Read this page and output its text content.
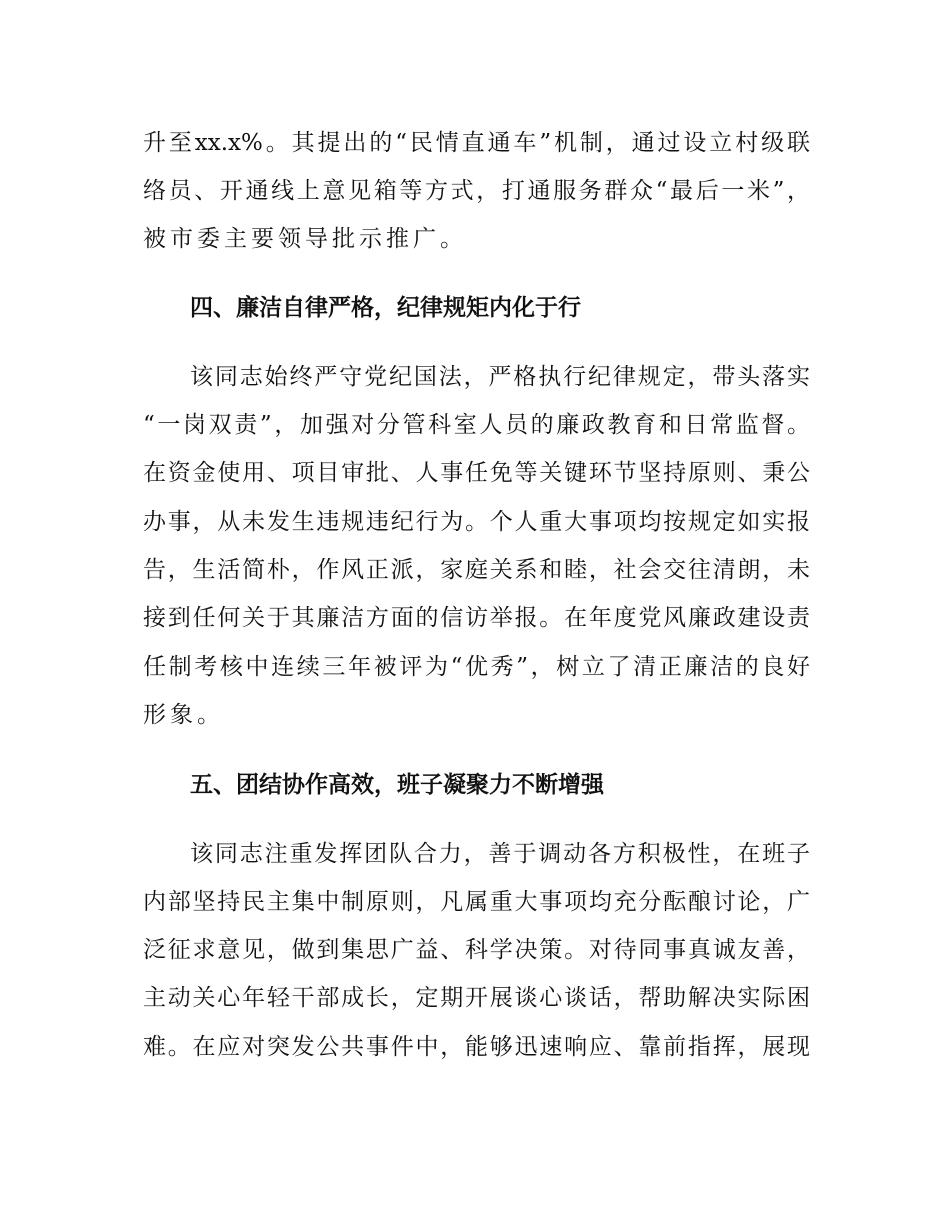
升至xx.x%。其提出的“民情直通车”机制，通过设立村级联
络员、开通线上意见箱等方式，打通服务群众“最后一米”，
被市委主要领导批示推广。
四、廉洁自律严格，纪律规矩内化于行
该同志始终严守党纪国法，严格执行纪律规定，带头落实
“一岗双责”，加强对分管科室人员的廉政教育和日常监督。
在资金使用、项目审批、人事任免等关键环节坚持原则、秉公
办事，从未发生违规违纪行为。个人重大事项均按规定如实报
告，生活简朴，作风正派，家庭关系和睦，社会交往清朗，未
接到任何关于其廉洁方面的信访举报。在年度党风廉政建设责
任制考核中连续三年被评为“优秀”，树立了清正廉洁的良好
形象。
五、团结协作高效，班子凝聚力不断增强
该同志注重发挥团队合力，善于调动各方积极性，在班子
内部坚持民主集中制原则，凡属重大事项均充分酝酿讨论，广
泛征求意见，做到集思广益、科学决策。对待同事真诚友善，
主动关心年轻干部成长，定期开展谈心谈话，帮助解决实际困
难。在应对突发公共事件中，能够迅速响应、靠前指挥，展现
